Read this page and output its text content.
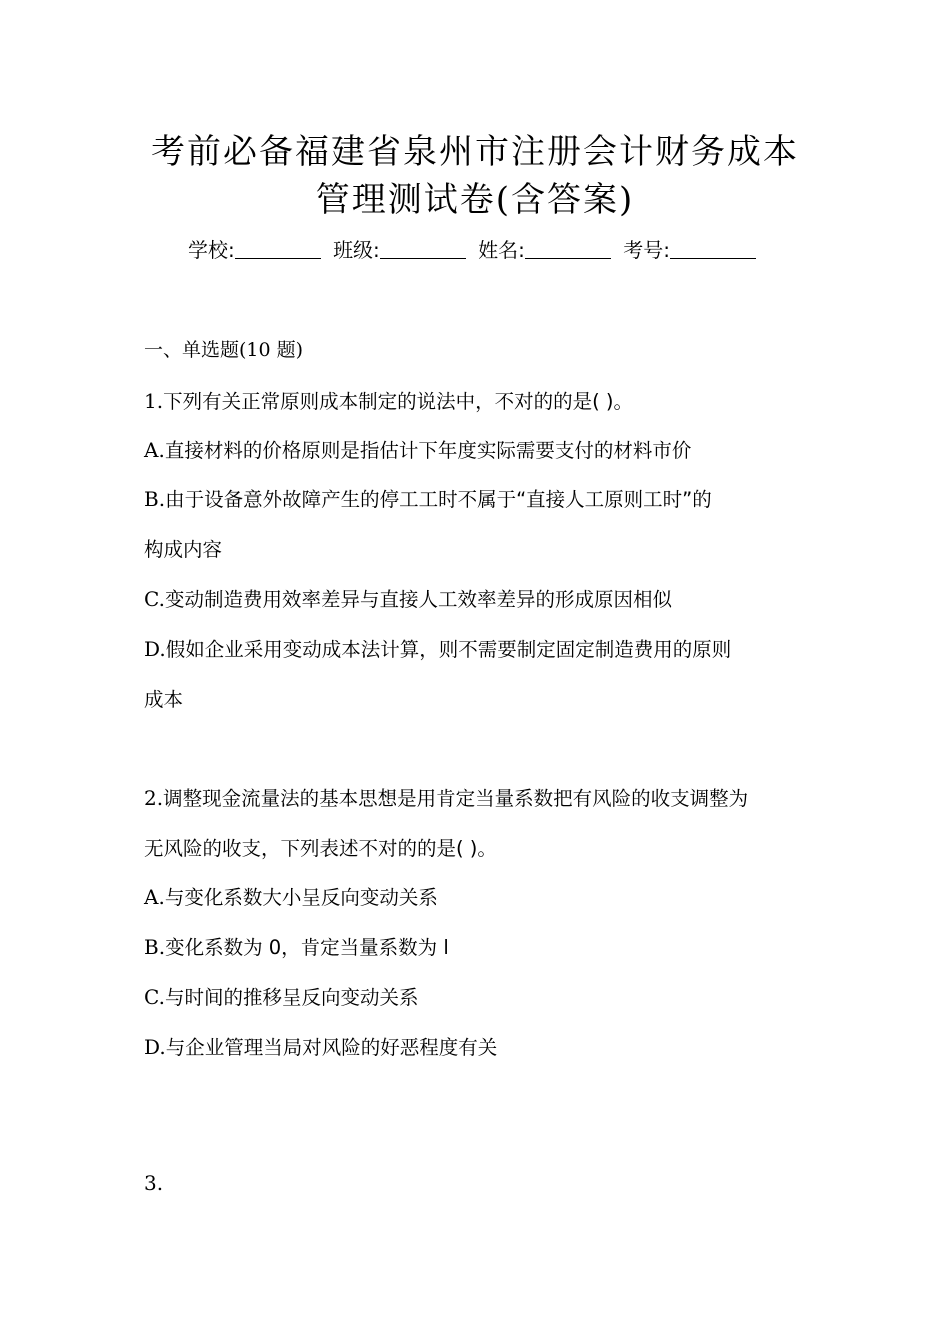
考前必备福建省泉州市注册会计财务成本
管理测试卷(含答案)
学校:	班级:	姓名:	考号:
一、单选题(10 题)
1.下列有关正常原则成本制定的说法中，不对的的是( )。
A.直接材料的价格原则是指估计下年度实际需要支付的材料市价
B.由于设备意外故障产生的停工工时不属于“直接人工原则工时”的
构成内容
C.变动制造费用效率差异与直接人工效率差异的形成原因相似
D.假如企业采用变动成本法计算，则不需要制定固定制造费用的原则
成本
2.调整现金流量法的基本思想是用肯定当量系数把有风险的收支调整为
无风险的收支，下列表述不对的的是( )。
A.与变化系数大小呈反向变动关系
B.变化系数为 0，肯定当量系数为 l
C.与时间的推移呈反向变动关系
D.与企业管理当局对风险的好恶程度有关
3.
